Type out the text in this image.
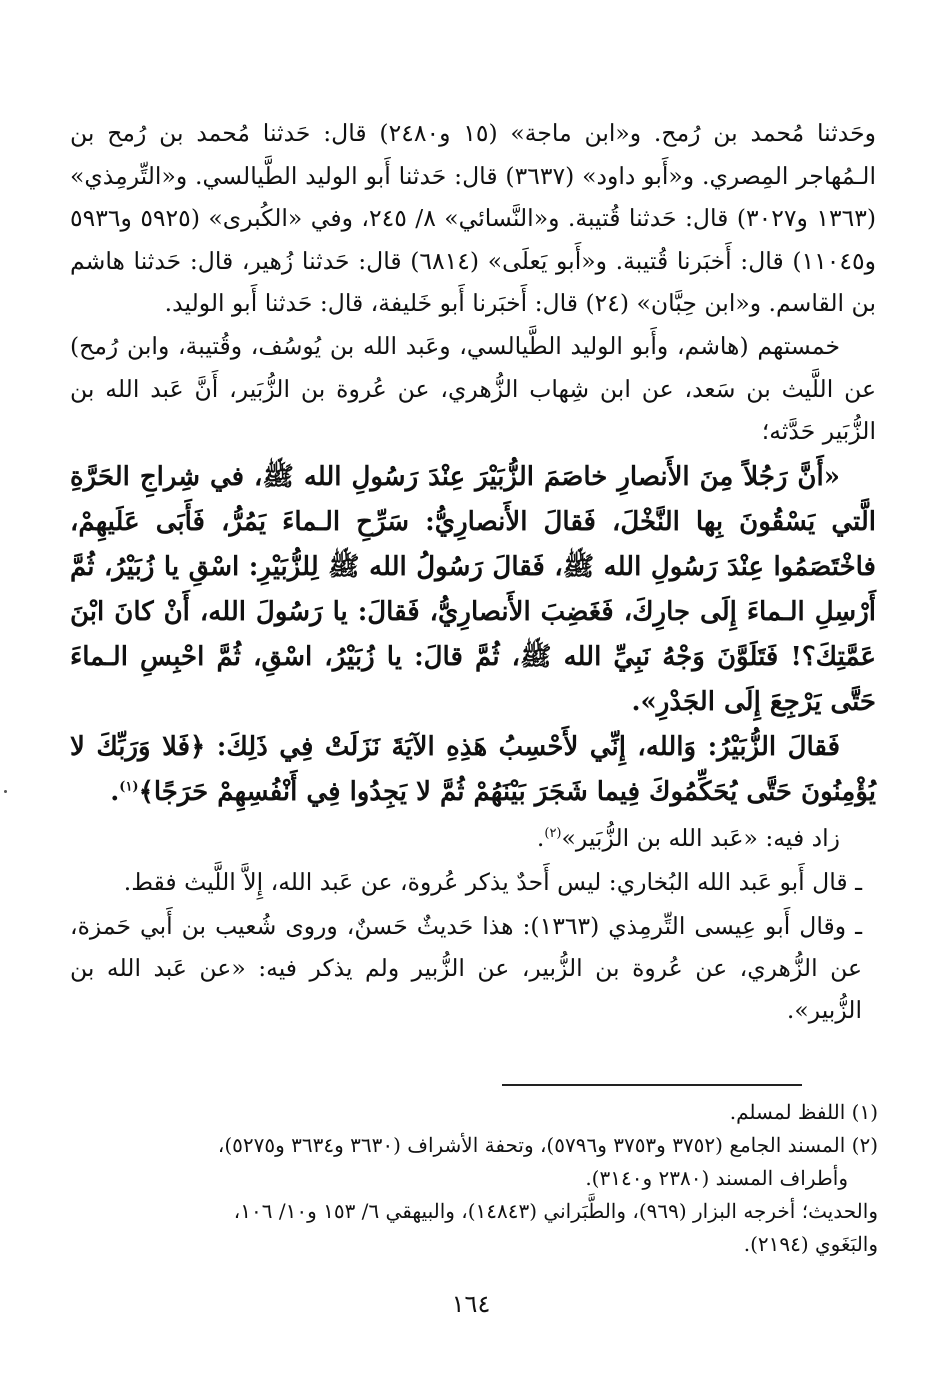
وحَدثنا مُحمد بن رُمح. و«ابن ماجة» (١٥ و٢٤٨٠) قال: حَدثنا مُحمد بن رُمح بن الـمُهاجر المِصري. و«أَبو داود» (٣٦٣٧) قال: حَدثنا أَبو الوليد الطَّيالسي. و«التِّرمِذي» (١٣٦٣ و٣٠٢٧) قال: حَدثنا قُتيبة. و«النَّسائي» ٨/ ٢٤٥، وفي «الكُبرى» (٥٩٢٥ و٥٩٣٦ و١١٠٤٥) قال: أَخبَرنا قُتيبة. و«أَبو يَعلَى» (٦٨١٤) قال: حَدثنا زُهير، قال: حَدثنا هاشم بن القاسم. و«ابن حِبَّان» (٢٤) قال: أَخبَرنا أَبو خَليفة، قال: حَدثنا أَبو الوليد.

خمستهم (هاشم، وأَبو الوليد الطَّيالسي، وعَبد الله بن يُوسُف، وقُتيبة، وابن رُمح) عن اللَّيث بن سَعد، عن ابن شِهاب الزُّهري، عن عُروة بن الزُّبَير، أَنَّ عَبد الله بن الزُّبَير حَدَّثه؛

«أَنَّ رَجُلاً مِنَ الأَنصارِ خاصَمَ الزُّبَيْرَ عِنْدَ رَسُولِ الله ﷺ، في شِراجِ الحَرَّةِ الَّتي يَسْقُونَ بِها النَّخْلَ، فَقالَ الأَنصارِيُّ: سَرِّحِ الـماءَ يَمُرُّ، فَأَبَى عَلَيهِمْ، فاخْتَصَمُوا عِنْدَ رَسُولِ الله ﷺ، فَقالَ رَسُولُ الله ﷺ لِلزُّبَيْرِ: اسْقِ يا زُبَيْرُ، ثُمَّ أَرْسِلِ الـماءَ إِلَى جارِكَ، فَغَضِبَ الأَنصارِيُّ، فَقالَ: يا رَسُولَ الله، أَنْ كانَ ابْنَ عَمَّتِكَ؟! فَتَلَوَّنَ وَجْهُ نَبِيِّ الله ﷺ، ثُمَّ قالَ: يا زُبَيْرُ، اسْقِ، ثُمَّ احْبِسِ الـماءَ حَتَّى يَرْجِعَ إِلَى الجَدْرِ».

فَقالَ الزُّبَيْرُ: وَالله، إِنِّي لأَحْسِبُ هَذِهِ الآيَةَ نَزَلَتْ فِي ذَلِكَ: ﴿فَلا وَرَبِّكَ لا يُؤْمِنُونَ حَتَّى يُحَكِّمُوكَ فِيما شَجَرَ بَيْنَهُمْ ثُمَّ لا يَجِدُوا فِي أَنْفُسِهِمْ حَرَجًا﴾$^{(١)}$.

زاد فيه: «عَبد الله بن الزُّبَير»$^{(٢)}$.

ـ قال أَبو عَبد الله البُخاري: ليس أَحدٌ يذكر عُروة، عن عَبد الله، إِلاَّ اللَّيث فقط.

ـ وقال أَبو عِيسى التِّرمِذي (١٣٦٣): هذا حَديثٌ حَسنٌ، وروى شُعيب بن أَبي حَمزة، عن الزُّهري، عن عُروة بن الزُّبير، عن الزُّبير ولم يذكر فيه: «عن عَبد الله بن الزُّبير».

(١) اللفظ لمسلم.

(٢) المسند الجامع (٣٧٥٢ و٣٧٥٣ و٥٧٩٦)، وتحفة الأشراف (٣٦٣٠ و٣٦٣٤ و٥٢٧٥)،

وأطراف المسند (٢٣٨٠ و٣١٤٠).

والحديث؛ أخرجه البزار (٩٦٩)، والطَّبَراني (١٤٨٤٣)، والبيهقي ٦/ ١٥٣ و١٠/ ١٠٦،

والبَغَوي (٢١٩٤).

١٦٤
